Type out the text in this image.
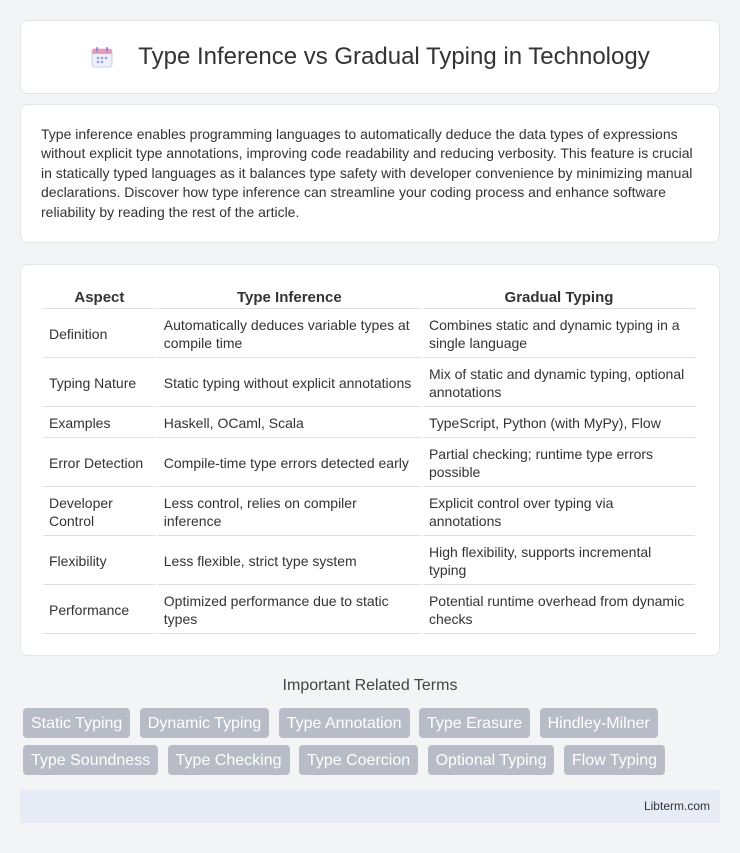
Type Inference vs Gradual Typing in Technology

Type inference enables programming languages to automatically deduce the data types of expressions without explicit type annotations, improving code readability and reducing verbosity. This feature is crucial in statically typed languages as it balances type safety with developer convenience by minimizing manual declarations. Discover how type inference can streamline your coding process and enhance software reliability by reading the rest of the article.

Aspect	Type Inference	Gradual Typing
Definition	Automatically deduces variable types at compile time	Combines static and dynamic typing in a single language
Typing Nature	Static typing without explicit annotations	Mix of static and dynamic typing, optional annotations
Examples	Haskell, OCaml, Scala	TypeScript, Python (with MyPy), Flow
Error Detection	Compile-time type errors detected early	Partial checking; runtime type errors possible
Developer Control	Less control, relies on compiler inference	Explicit control over typing via annotations
Flexibility	Less flexible, strict type system	High flexibility, supports incremental typing
Performance	Optimized performance due to static types	Potential runtime overhead from dynamic checks
Important Related Terms
Static Typing Dynamic Typing Type Annotation Type Erasure Hindley-Milner
Type Soundness Type Checking Type Coercion Optional Typing Flow Typing
Libterm.com
